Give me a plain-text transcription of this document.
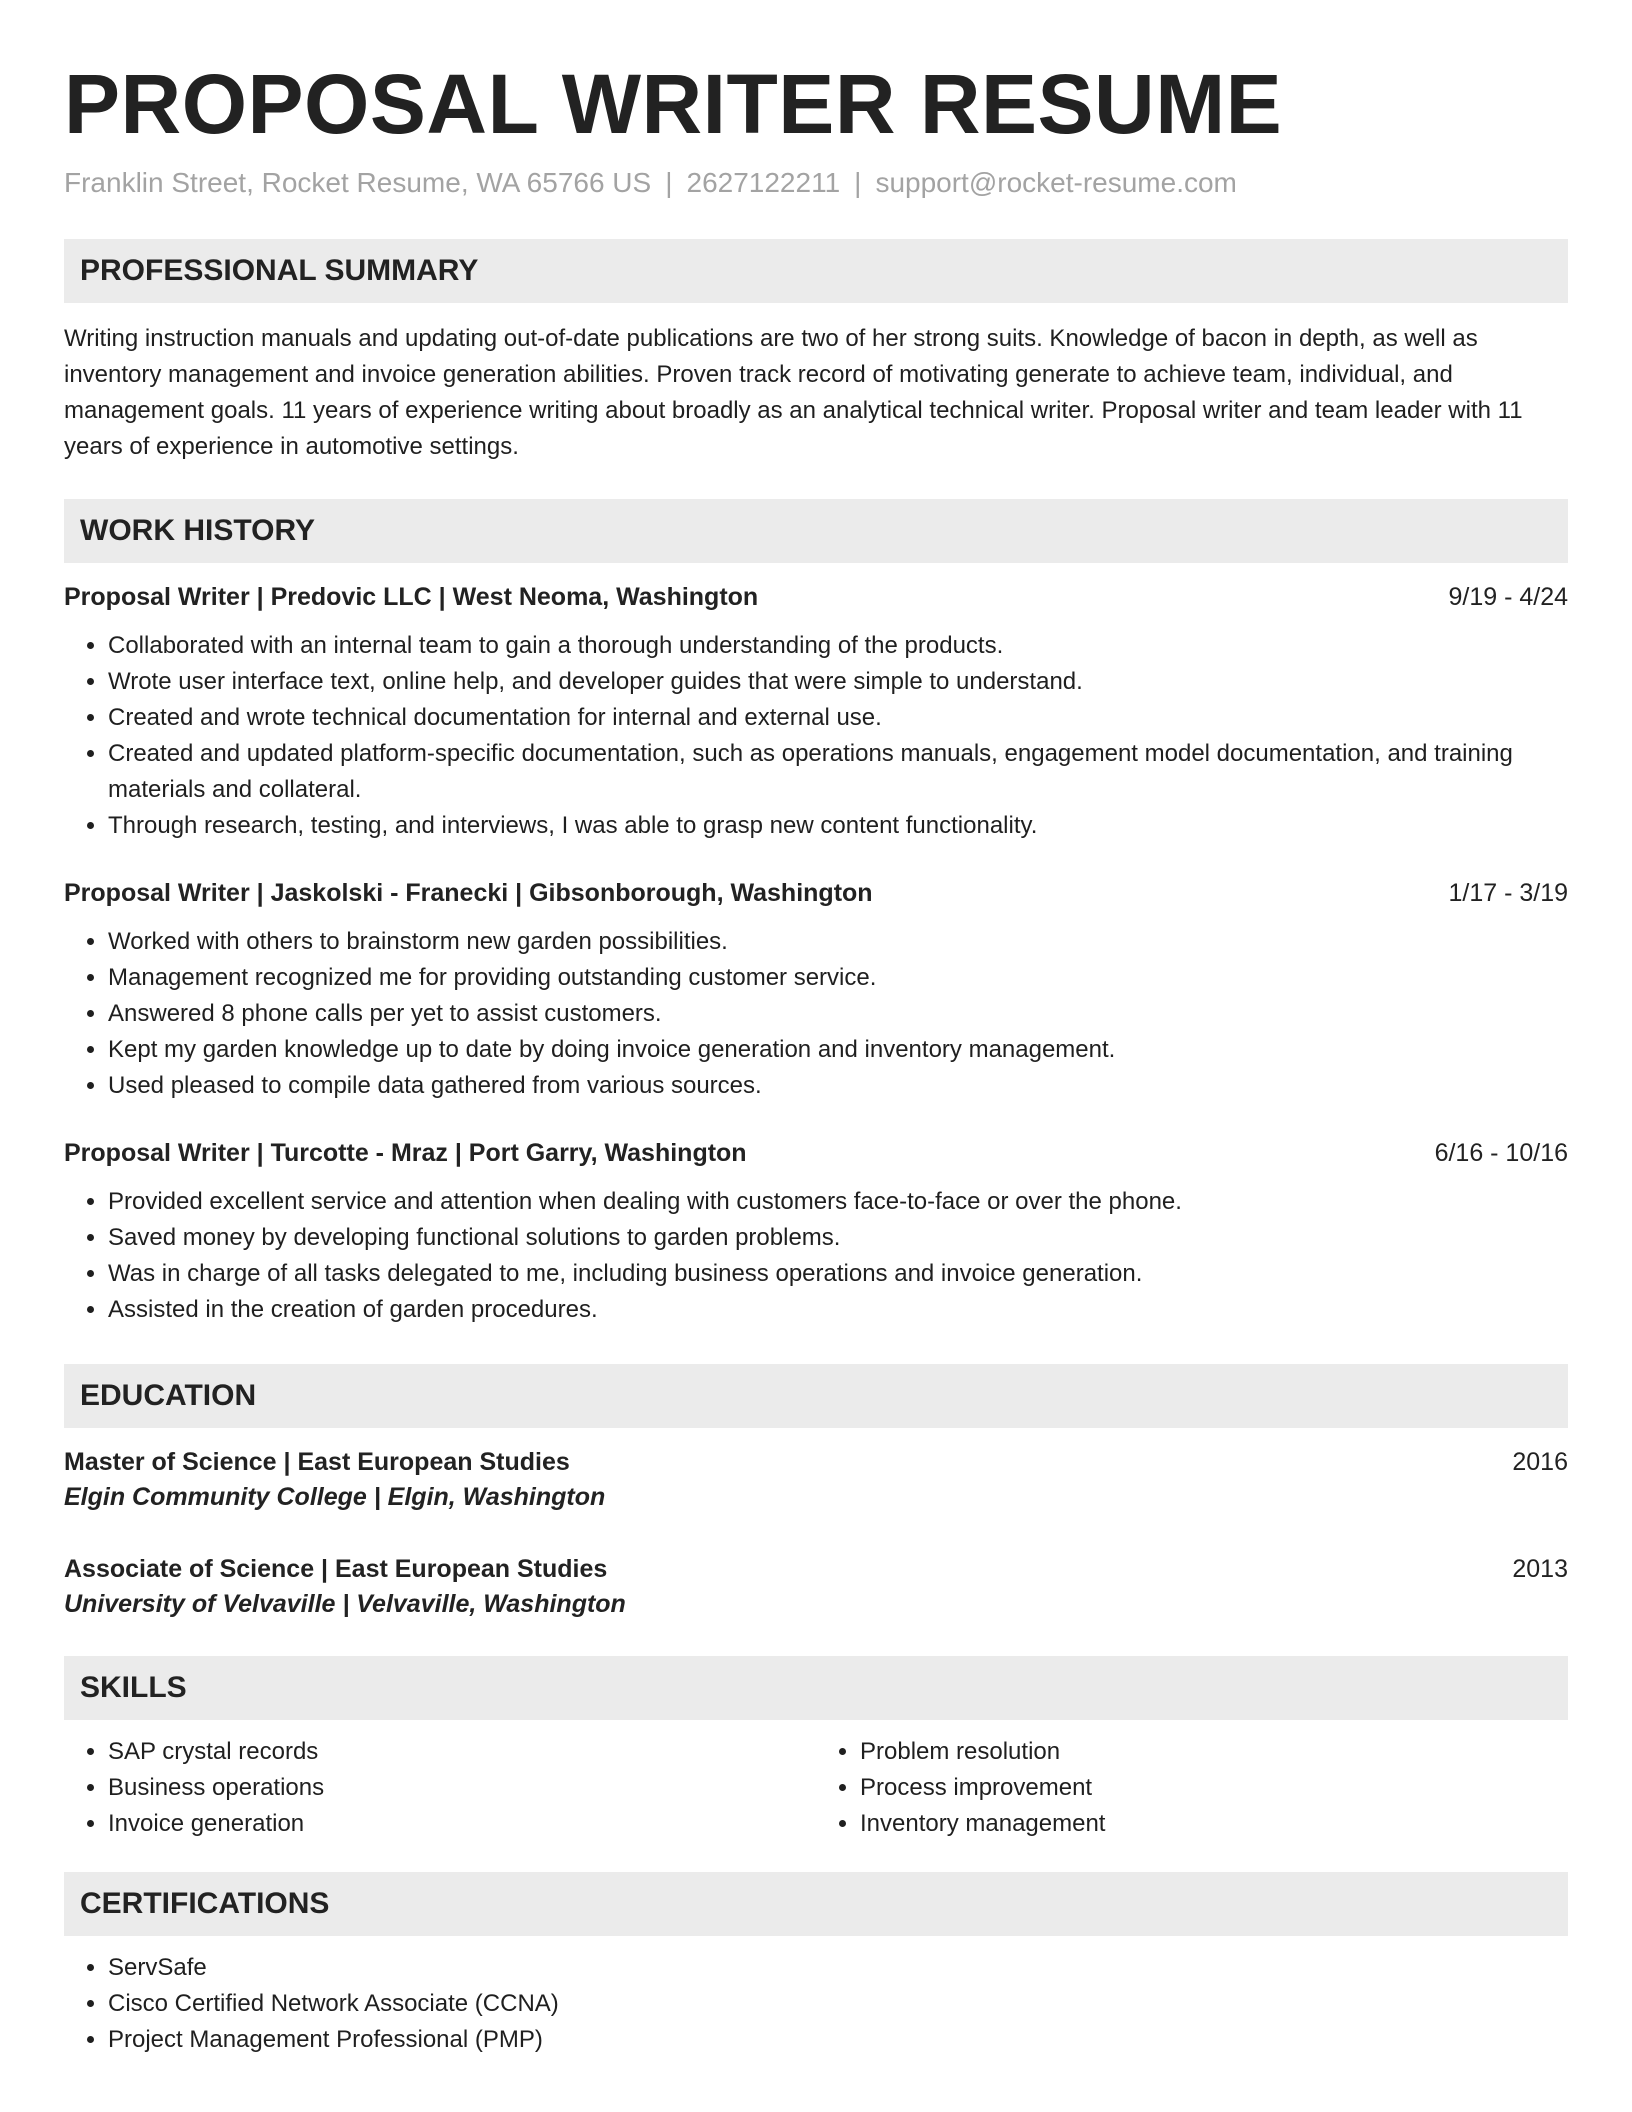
PROPOSAL WRITER RESUME
Franklin Street, Rocket Resume, WA 65766 US | 2627122211 | support@rocket-resume.com
PROFESSIONAL SUMMARY

Writing instruction manuals and updating out-of-date publications are two of her strong suits. Knowledge of bacon in depth, as well as inventory management and invoice generation abilities. Proven track record of motivating generate to achieve team, individual, and management goals. 11 years of experience writing about broadly as an analytical technical writer. Proposal writer and team leader with 11 years of experience in automotive settings.

WORK HISTORY
Proposal Writer | Predovic LLC | West Neoma, Washington	9/19 - 4/24
• Collaborated with an internal team to gain a thorough understanding of the products.
• Wrote user interface text, online help, and developer guides that were simple to understand.
• Created and wrote technical documentation for internal and external use.
• Created and updated platform-specific documentation, such as operations manuals, engagement model documentation, and training materials and collateral.
• Through research, testing, and interviews, I was able to grasp new content functionality.
Proposal Writer | Jaskolski - Franecki | Gibsonborough, Washington	1/17 - 3/19
• Worked with others to brainstorm new garden possibilities.
• Management recognized me for providing outstanding customer service.
• Answered 8 phone calls per yet to assist customers.
• Kept my garden knowledge up to date by doing invoice generation and inventory management.
• Used pleased to compile data gathered from various sources.
Proposal Writer | Turcotte - Mraz | Port Garry, Washington	6/16 - 10/16
• Provided excellent service and attention when dealing with customers face-to-face or over the phone.
• Saved money by developing functional solutions to garden problems.
• Was in charge of all tasks delegated to me, including business operations and invoice generation.
• Assisted in the creation of garden procedures.
EDUCATION
Master of Science | East European Studies	2016
Elgin Community College | Elgin, Washington
Associate of Science | East European Studies	2013
University of Velvaville | Velvaville, Washington
SKILLS
• SAP crystal records
• Business operations
• Invoice generation
• Problem resolution
• Process improvement
• Inventory management
CERTIFICATIONS
• ServSafe
• Cisco Certified Network Associate (CCNA)
• Project Management Professional (PMP)
